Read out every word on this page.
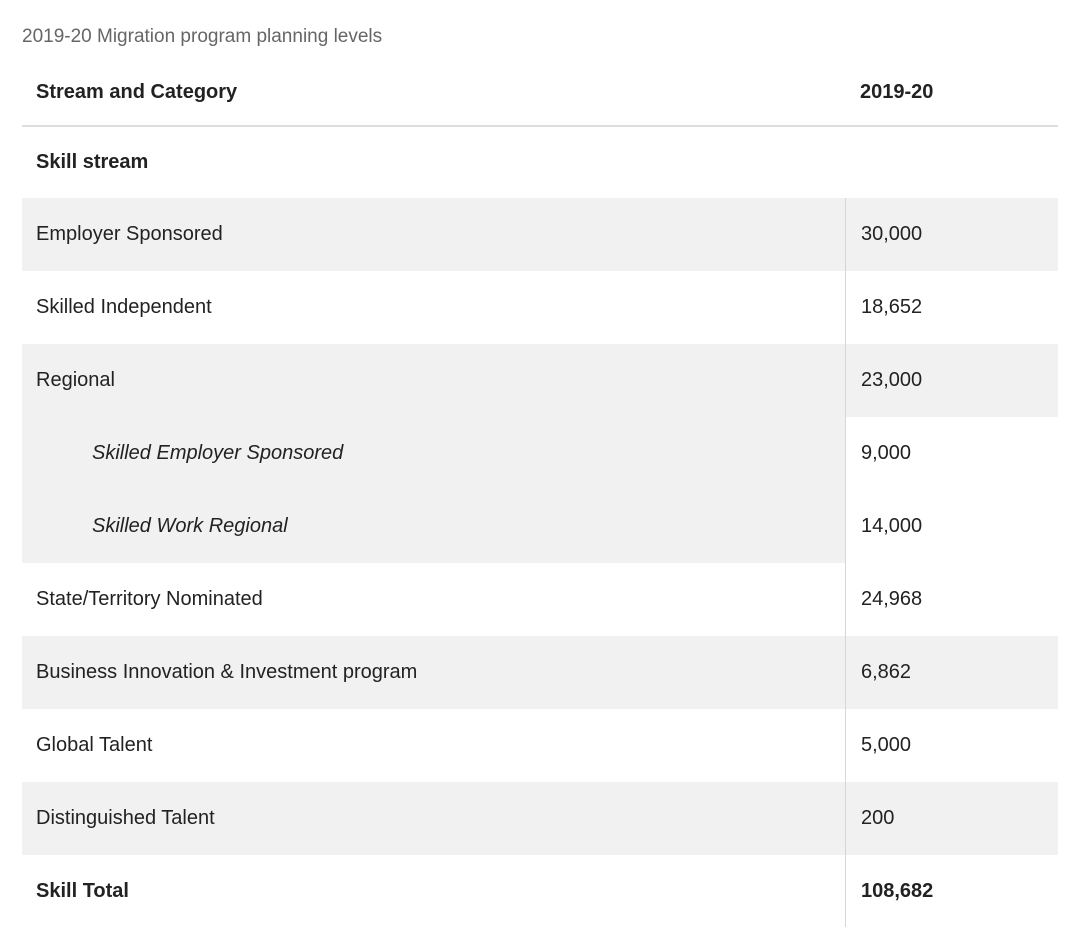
2019-20 Migration program planning levels
Stream and Category	2019-20
Skill stream
Employer Sponsored	30,000
Skilled Independent	18,652
Regional	23,000
Skilled Employer Sponsored	9,000
Skilled Work Regional	14,000
State/Territory Nominated	24,968
Business Innovation & Investment program	6,862
Global Talent	5,000
Distinguished Talent	200
Skill Total	108,682
